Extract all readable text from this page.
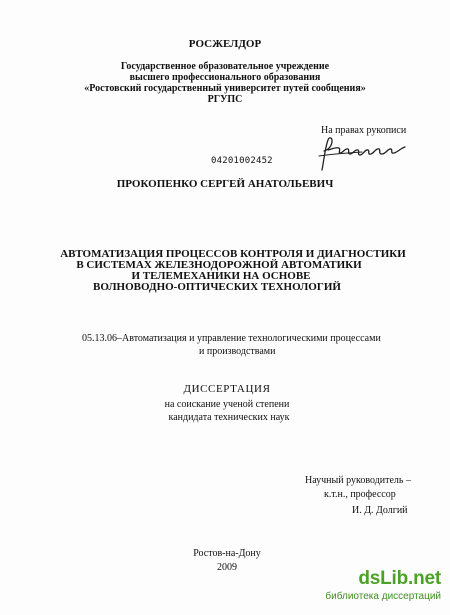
РОСЖЕЛДОР
Государственное образовательное учреждение
высшего профессионального образования
«Ростовский государственный университет путей сообщения»
РГУПС
На правах рукописи
04201002452
ПРОКОПЕНКО СЕРГЕЙ АНАТОЛЬЕВИЧ
АВТОМАТИЗАЦИЯ ПРОЦЕССОВ КОНТРОЛЯ И ДИАГНОСТИКИ
В СИСТЕМАХ ЖЕЛЕЗНОДОРОЖНОЙ АВТОМАТИКИ
И ТЕЛЕМЕХАНИКИ НА ОСНОВЕ
ВОЛНОВОДНО-ОПТИЧЕСКИХ ТЕХНОЛОГИЙ
05.13.06–Автоматизация и управление технологическими процессами
и производствами
ДИССЕРТАЦИЯ
на соискание ученой степени
кандидата технических наук
Научный руководитель –
к.т.н., профессор
И. Д. Долгий
Ростов-на-Дону
2009
dsLib.net
библиотека диссертаций
